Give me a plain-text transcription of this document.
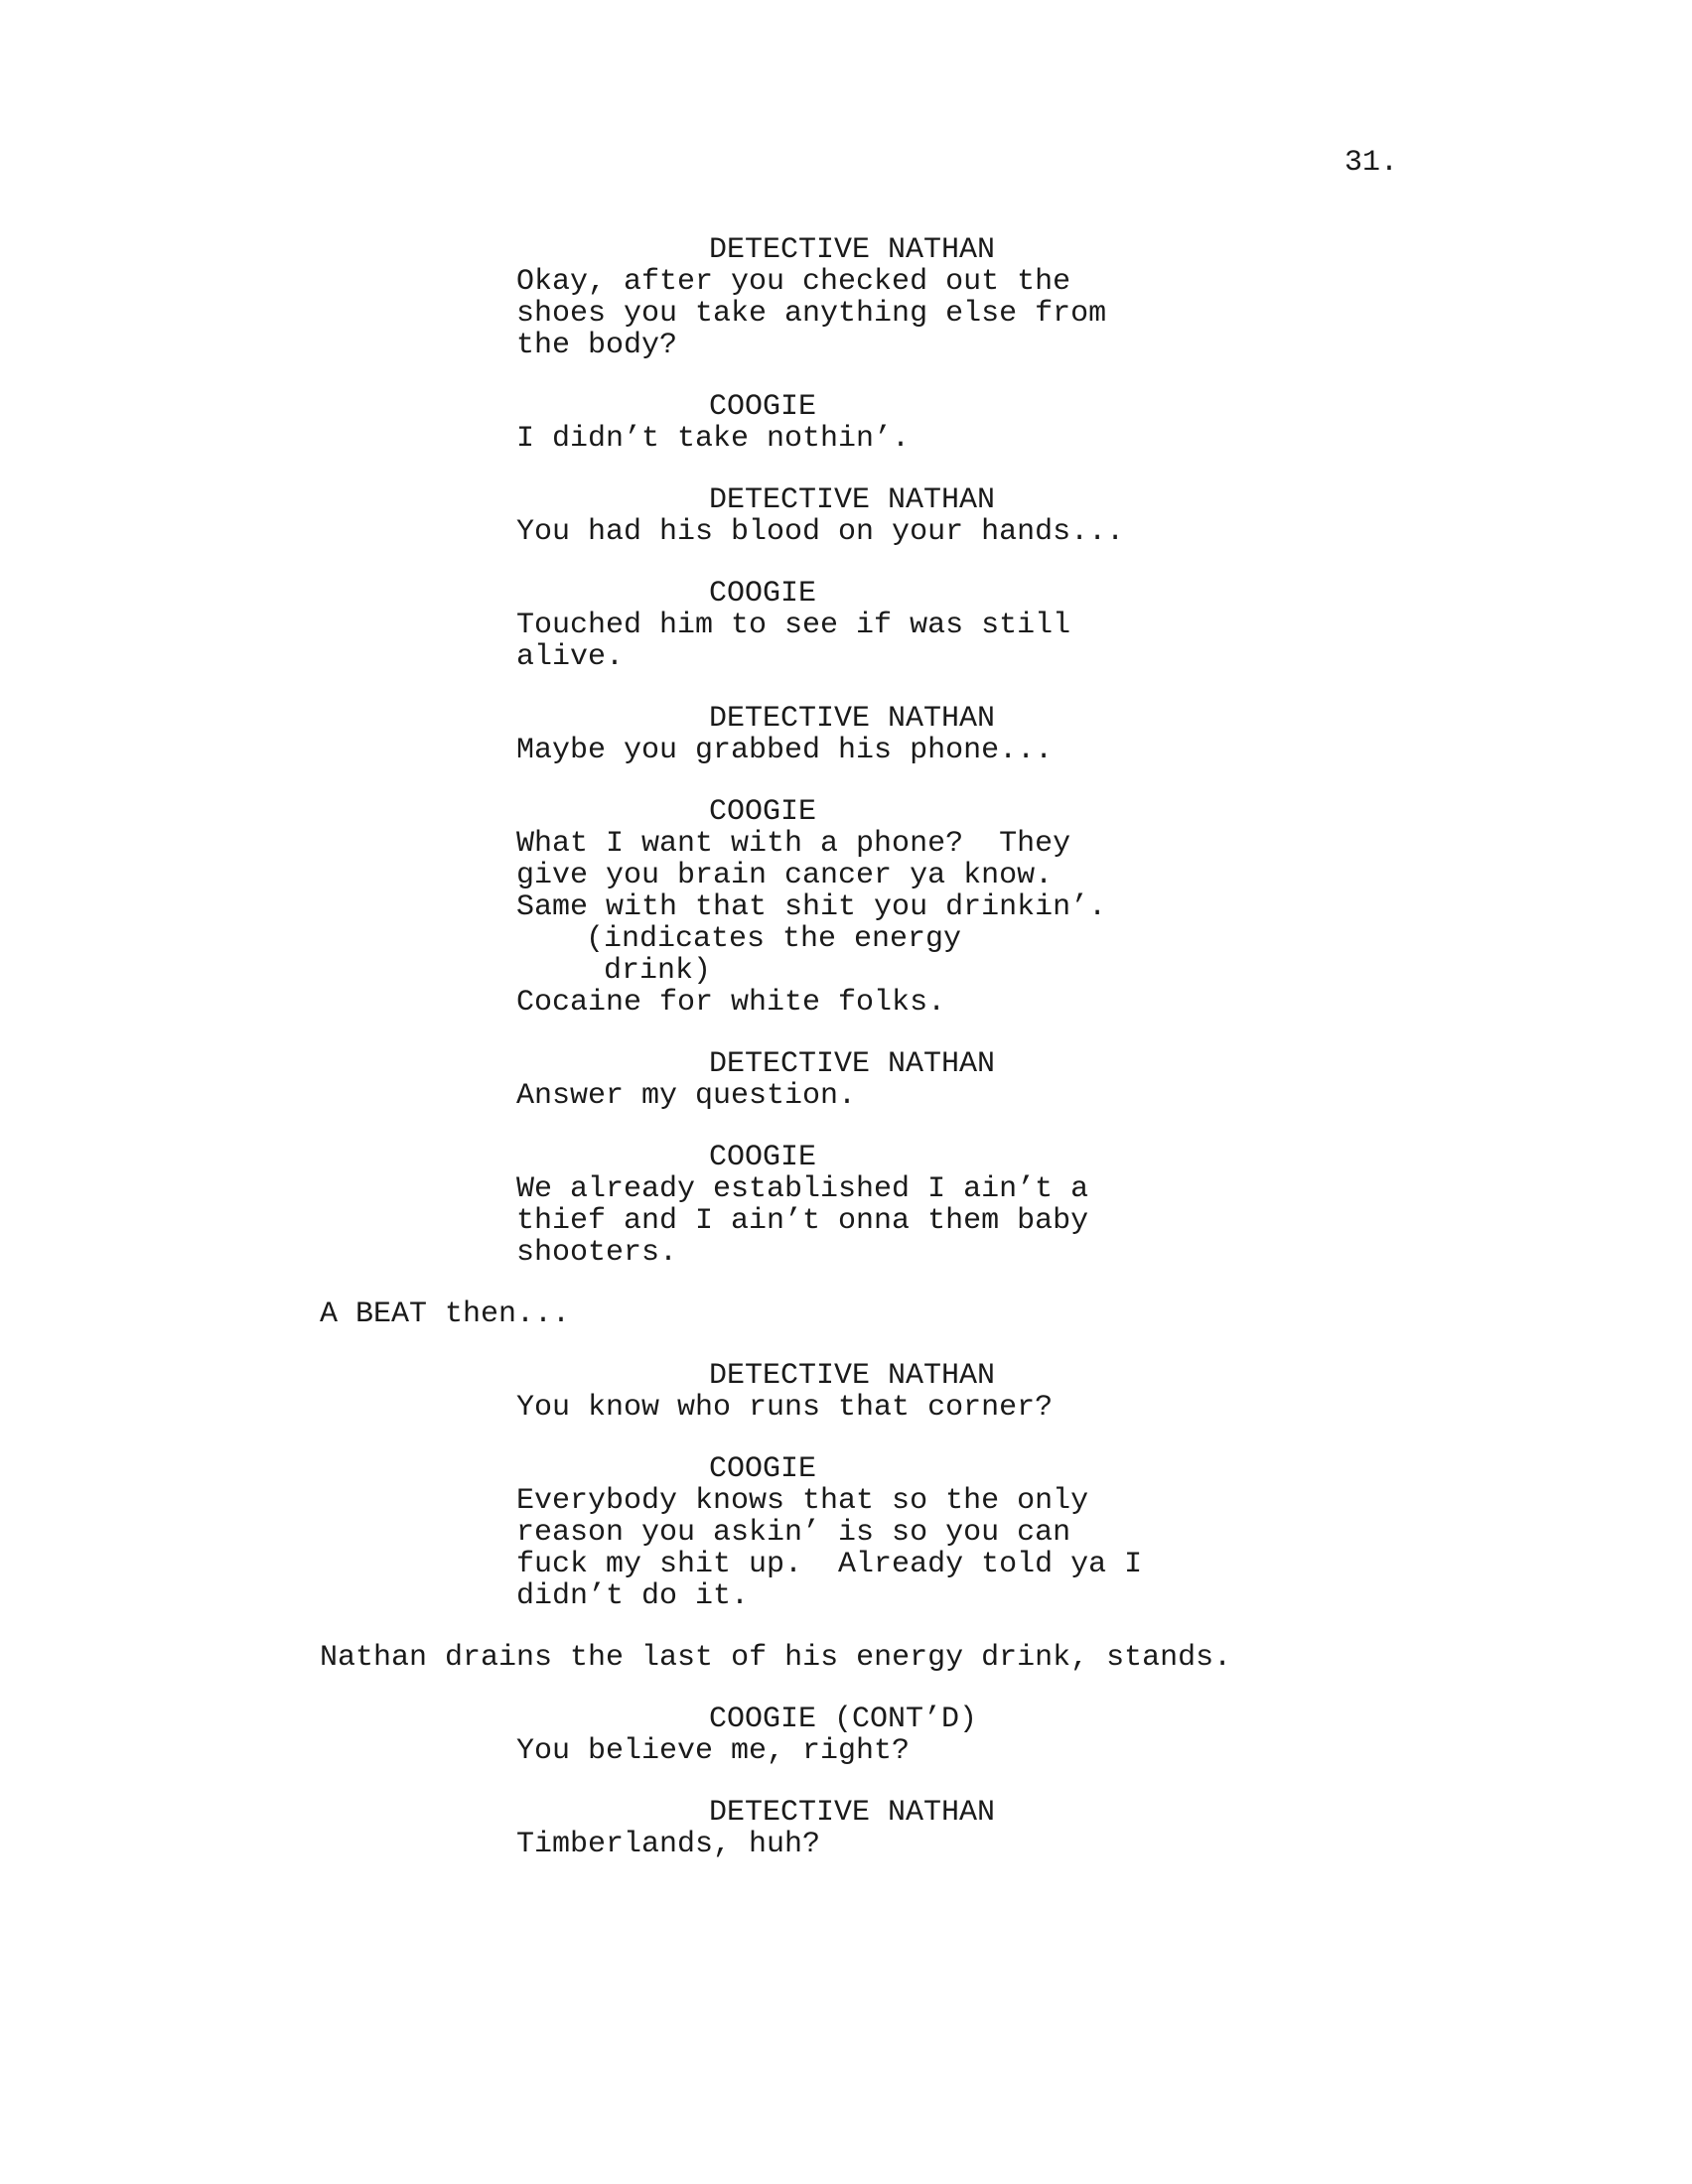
31.
DETECTIVE NATHAN
Okay, after you checked out the
shoes you take anything else from
the body?
COOGIE
I didn’t take nothin’.
DETECTIVE NATHAN
You had his blood on your hands...
COOGIE
Touched him to see if was still
alive.
DETECTIVE NATHAN
Maybe you grabbed his phone...
COOGIE
What I want with a phone?  They
give you brain cancer ya know.
Same with that shit you drinkin’.
(indicates the energy
drink)
Cocaine for white folks.
DETECTIVE NATHAN
Answer my question.
COOGIE
We already established I ain’t a
thief and I ain’t onna them baby
shooters.
A BEAT then...
DETECTIVE NATHAN
You know who runs that corner?
COOGIE
Everybody knows that so the only
reason you askin’ is so you can
fuck my shit up.  Already told ya I
didn’t do it.
Nathan drains the last of his energy drink, stands.
COOGIE (CONT’D)
You believe me, right?
DETECTIVE NATHAN
Timberlands, huh?
